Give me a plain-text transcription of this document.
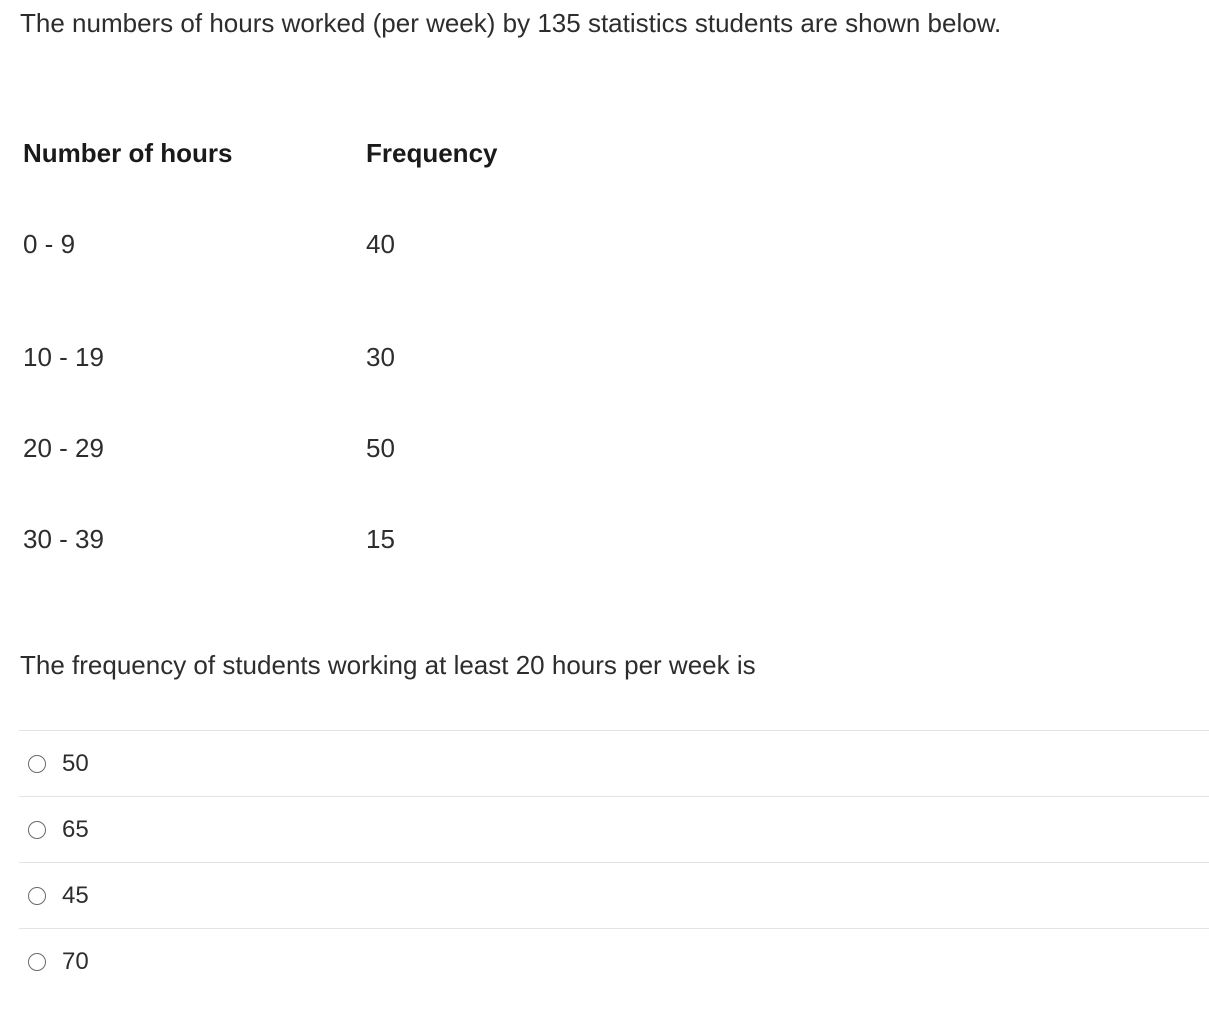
The numbers of hours worked (per week) by 135 statistics students are shown below.

Number of hours	Frequency
0 - 9	40
10 - 19	30
20 - 29	50
30 - 39	15

The frequency of students working at least 20 hours per week is

50
65
45
70
